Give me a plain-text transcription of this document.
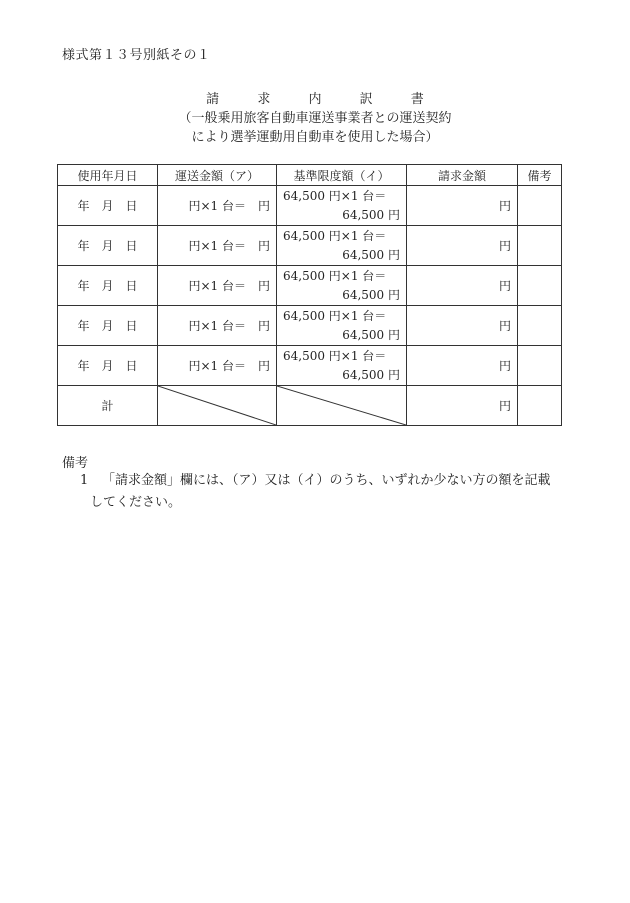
様式第１３号別紙その１
請	求	内	訳	書
（一般乗用旅客自動車運送事業者との運送契約
により選挙運動用自動車を使用した場合）
使用年月日	運送金額（ア）	基準限度額（イ）	請求金額	備考
年　月　日	円×1 台＝　円	64,500 円×1 台＝
64,500 円	円	
年　月　日	円×1 台＝　円	64,500 円×1 台＝
64,500 円	円	
年　月　日	円×1 台＝　円	64,500 円×1 台＝
64,500 円	円	
年　月　日	円×1 台＝　円	64,500 円×1 台＝
64,500 円	円	
年　月　日	円×1 台＝　円	64,500 円×1 台＝
64,500 円	円	
計			円	
備考
1 「請求金額」欄には、（ア）又は（イ）のうち、いずれか少ない方の額を記載
してください。
